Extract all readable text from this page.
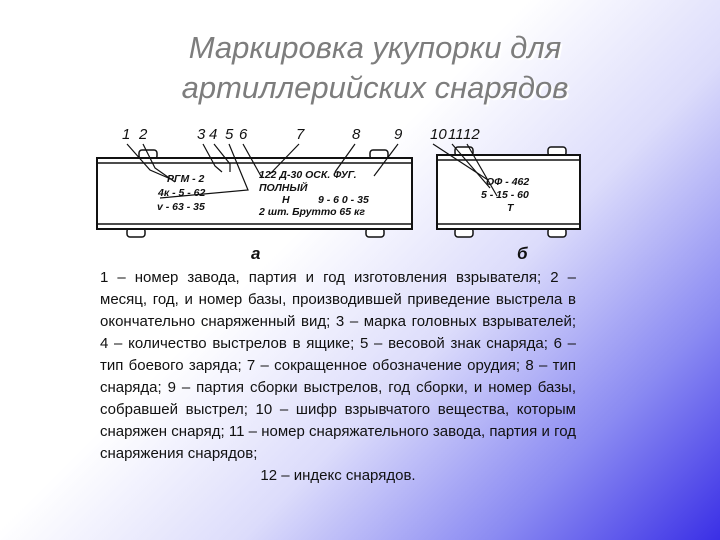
Маркировка укупорки для
артиллерийских снарядов
1 2	3 4 5 6	7	8 9 10 11 12
РГМ - 2
4к - 5 - 62
v - 63 - 35
122 Д-30 ОСК. ФУГ.
ПОЛНЫЙ
Н	9 - 6 0 - 35
2 шт. Брутто 65 кг
ОФ - 462
5 - 15 - 60
Т
а	б
1 – номер завода, партия и год изготовления взрывателя; 2 – месяц, год, и номер базы, производившей приведение выстрела в окончательно снаряженный вид; 3 – марка головных взрывателей; 4 – количество выстрелов в ящике; 5 – весовой знак снаряда; 6 – тип боевого заряда; 7 – сокращенное обозначение орудия; 8 – тип снаряда; 9 – партия сборки выстрелов, год сборки, и номер базы, собравшей выстрел; 10 – шифр взрывчатого вещества, которым снаряжен снаряд; 11 – номер снаряжательного завода, партия и год снаряжения снарядов;
12 – индекс снарядов.
